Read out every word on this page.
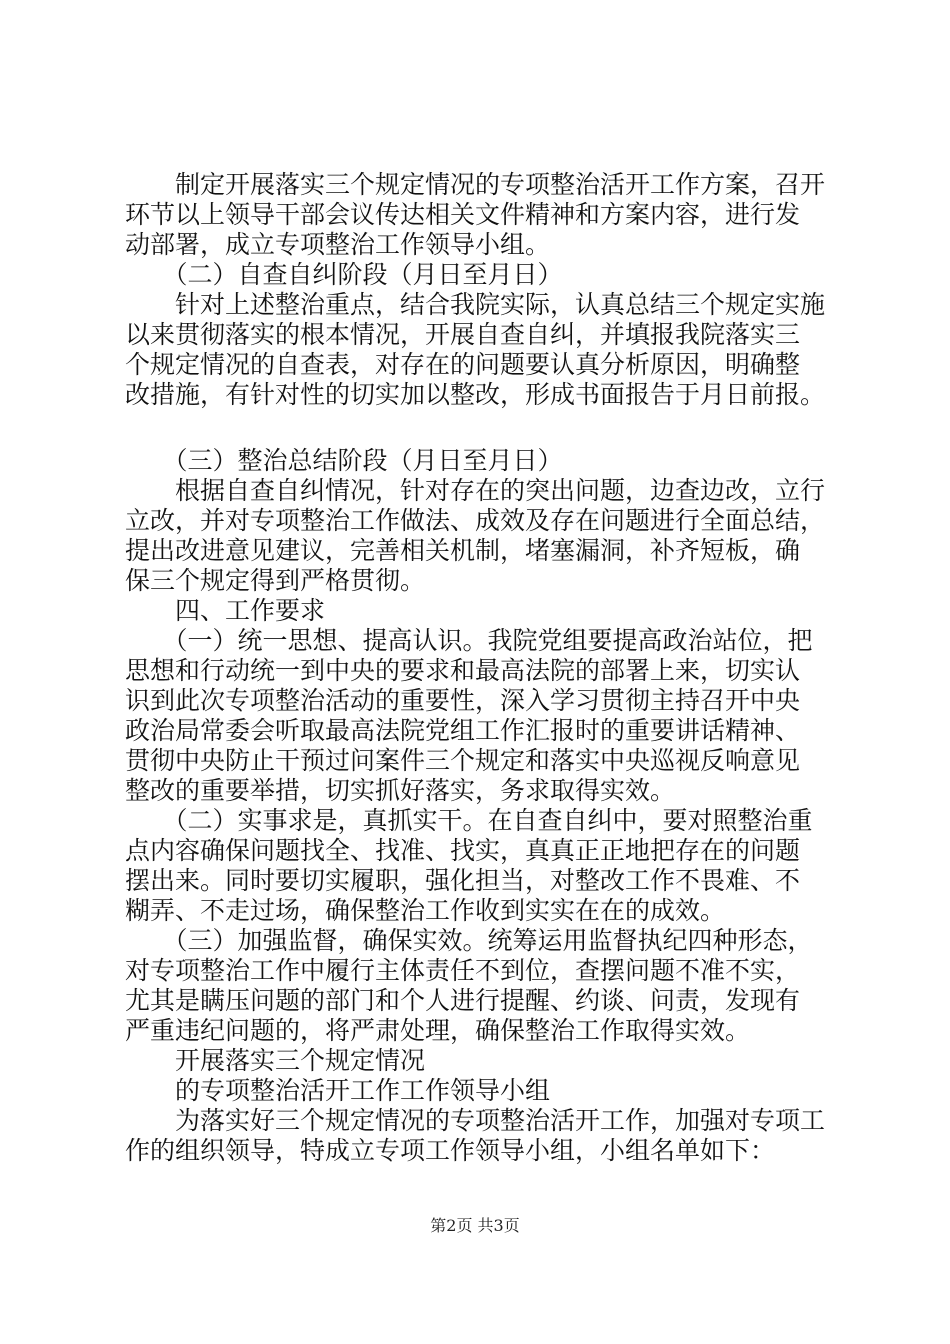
　　制定开展落实三个规定情况的专项整治活开工作方案，召开
环节以上领导干部会议传达相关文件精神和方案内容，进行发
动部署，成立专项整治工作领导小组。
　　（二）自查自纠阶段（月日至月日）
　　针对上述整治重点，结合我院实际，认真总结三个规定实施
以来贯彻落实的根本情况，开展自查自纠，并填报我院落实三
个规定情况的自查表，对存在的问题要认真分析原因，明确整
改措施，有针对性的切实加以整改，形成书面报告于月日前报。
　　（三）整治总结阶段（月日至月日）
　　根据自查自纠情况，针对存在的突出问题，边查边改，立行
立改，并对专项整治工作做法、成效及存在问题进行全面总结，
提出改进意见建议，完善相关机制，堵塞漏洞，补齐短板，确
保三个规定得到严格贯彻。
　　四、工作要求
　　（一）统一思想、提高认识。我院党组要提高政治站位，把
思想和行动统一到中央的要求和最高法院的部署上来，切实认
识到此次专项整治活动的重要性，深入学习贯彻主持召开中央
政治局常委会听取最高法院党组工作汇报时的重要讲话精神、
贯彻中央防止干预过问案件三个规定和落实中央巡视反响意见
整改的重要举措，切实抓好落实，务求取得实效。
　　（二）实事求是，真抓实干。在自查自纠中，要对照整治重
点内容确保问题找全、找准、找实，真真正正地把存在的问题
摆出来。同时要切实履职，强化担当，对整改工作不畏难、不
糊弄、不走过场，确保整治工作收到实实在在的成效。
　　（三）加强监督，确保实效。统筹运用监督执纪四种形态，
对专项整治工作中履行主体责任不到位，查摆问题不准不实，
尤其是瞒压问题的部门和个人进行提醒、约谈、问责，发现有
严重违纪问题的，将严肃处理，确保整治工作取得实效。
　　开展落实三个规定情况
　　的专项整治活开工作工作领导小组
　　为落实好三个规定情况的专项整治活开工作，加强对专项工
作的组织领导，特成立专项工作领导小组，小组名单如下：
第2页 共3页
